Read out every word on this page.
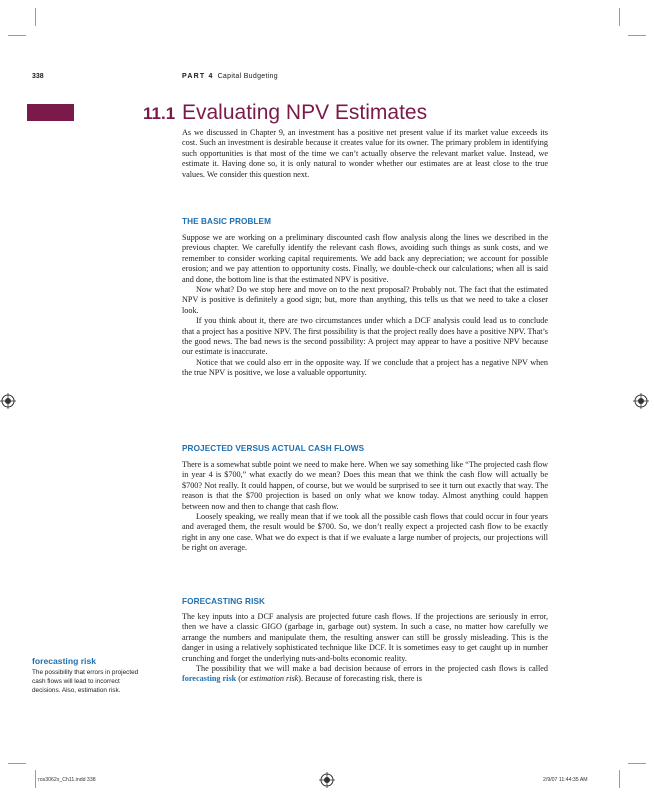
338	PART 4 Capital Budgeting
11.1 Evaluating NPV Estimates

As we discussed in Chapter 9, an investment has a positive net present value if its market value exceeds its cost. Such an investment is desirable because it creates value for its owner. The primary problem in identifying such opportunities is that most of the time we can’t actually observe the relevant market value. Instead, we estimate it. Having done so, it is only natural to wonder whether our estimates are at least close to the true values. We consider this question next.

THE BASIC PROBLEM

Suppose we are working on a preliminary discounted cash flow analysis along the lines we described in the previous chapter. We carefully identify the relevant cash flows, avoiding such things as sunk costs, and we remember to consider working capital requirements. We add back any depreciation; we account for possible erosion; and we pay attention to opportunity costs. Finally, we double-check our calculations; when all is said and done, the bottom line is that the estimated NPV is positive.

Now what? Do we stop here and move on to the next proposal? Probably not. The fact that the estimated NPV is positive is definitely a good sign; but, more than anything, this tells us that we need to take a closer look.

If you think about it, there are two circumstances under which a DCF analysis could lead us to conclude that a project has a positive NPV. The first possibility is that the project really does have a positive NPV. That’s the good news. The bad news is the second possibility: A project may appear to have a positive NPV because our estimate is inaccurate.

Notice that we could also err in the opposite way. If we conclude that a project has a negative NPV when the true NPV is positive, we lose a valuable opportunity.

PROJECTED VERSUS ACTUAL CASH FLOWS

There is a somewhat subtle point we need to make here. When we say something like “The projected cash flow in year 4 is $700,” what exactly do we mean? Does this mean that we think the cash flow will actually be $700? Not really. It could happen, of course, but we would be surprised to see it turn out exactly that way. The reason is that the $700 projection is based on only what we know today. Almost anything could happen between now and then to change that cash flow.

Loosely speaking, we really mean that if we took all the possible cash flows that could occur in four years and averaged them, the result would be $700. So, we don’t really expect a projected cash flow to be exactly right in any one case. What we do expect is that if we evaluate a large number of projects, our projections will be right on average.

FORECASTING RISK

The key inputs into a DCF analysis are projected future cash flows. If the projections are seriously in error, then we have a classic GIGO (garbage in, garbage out) system. In such a case, no matter how carefully we arrange the numbers and manipulate them, the resulting answer can still be grossly misleading. This is the danger in using a relatively sophisticated technique like DCF. It is sometimes easy to get caught up in number crunching and forget the underlying nuts-and-bolts economic reality.

The possibility that we will make a bad decision because of errors in the projected cash flows is called forecasting risk (or estimation risk). Because of forecasting risk, there is

forecasting risk
The possibility that errors in projected cash flows will lead to incorrect decisions. Also, estimation risk.
ros3062x_Ch11.indd 338	2/9/07 11:44:35 AM
